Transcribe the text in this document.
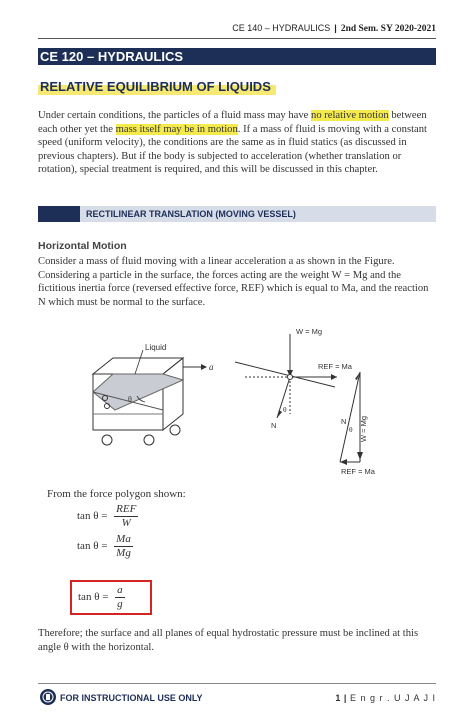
CE 140 – HYDRAULICS | 2nd Sem. SY 2020-2021
CE 120 – HYDRAULICS
RELATIVE EQUILIBRIUM OF LIQUIDS
Under certain conditions, the particles of a fluid mass may have no relative motion between each other yet the mass itself may be in motion. If a mass of fluid is moving with a constant speed (uniform velocity), the conditions are the same as in fluid statics (as discussed in previous chapters). But if the body is subjected to acceleration (whether translation or rotation), special treatment is required, and this will be discussed in this chapter.
RECTILINEAR TRANSLATION (MOVING VESSEL)
Horizontal Motion
Consider a mass of fluid moving with a linear acceleration a as shown in the Figure. Considering a particle in the surface, the forces acting are the weight W = Mg and the fictitious inertia force (reversed effective force, REF) which is equal to Ma, and the reaction N which must be normal to the surface.
Liquid
a
θ
W = Mg
REF = Ma
N
θ
W = Mg
N
θ
REF = Ma
From the force polygon shown:
$\tan \theta = \frac{\text{REF}}{W}$
$\tan \theta = \frac{Ma}{Mg}$
$\tan \theta = \frac{a}{g}$
Therefore; the surface and all planes of equal hydrostatic pressure must be inclined at this angle θ with the horizontal.
FOR INSTRUCTIONAL USE ONLY	1 | E n g r . U J A J I
